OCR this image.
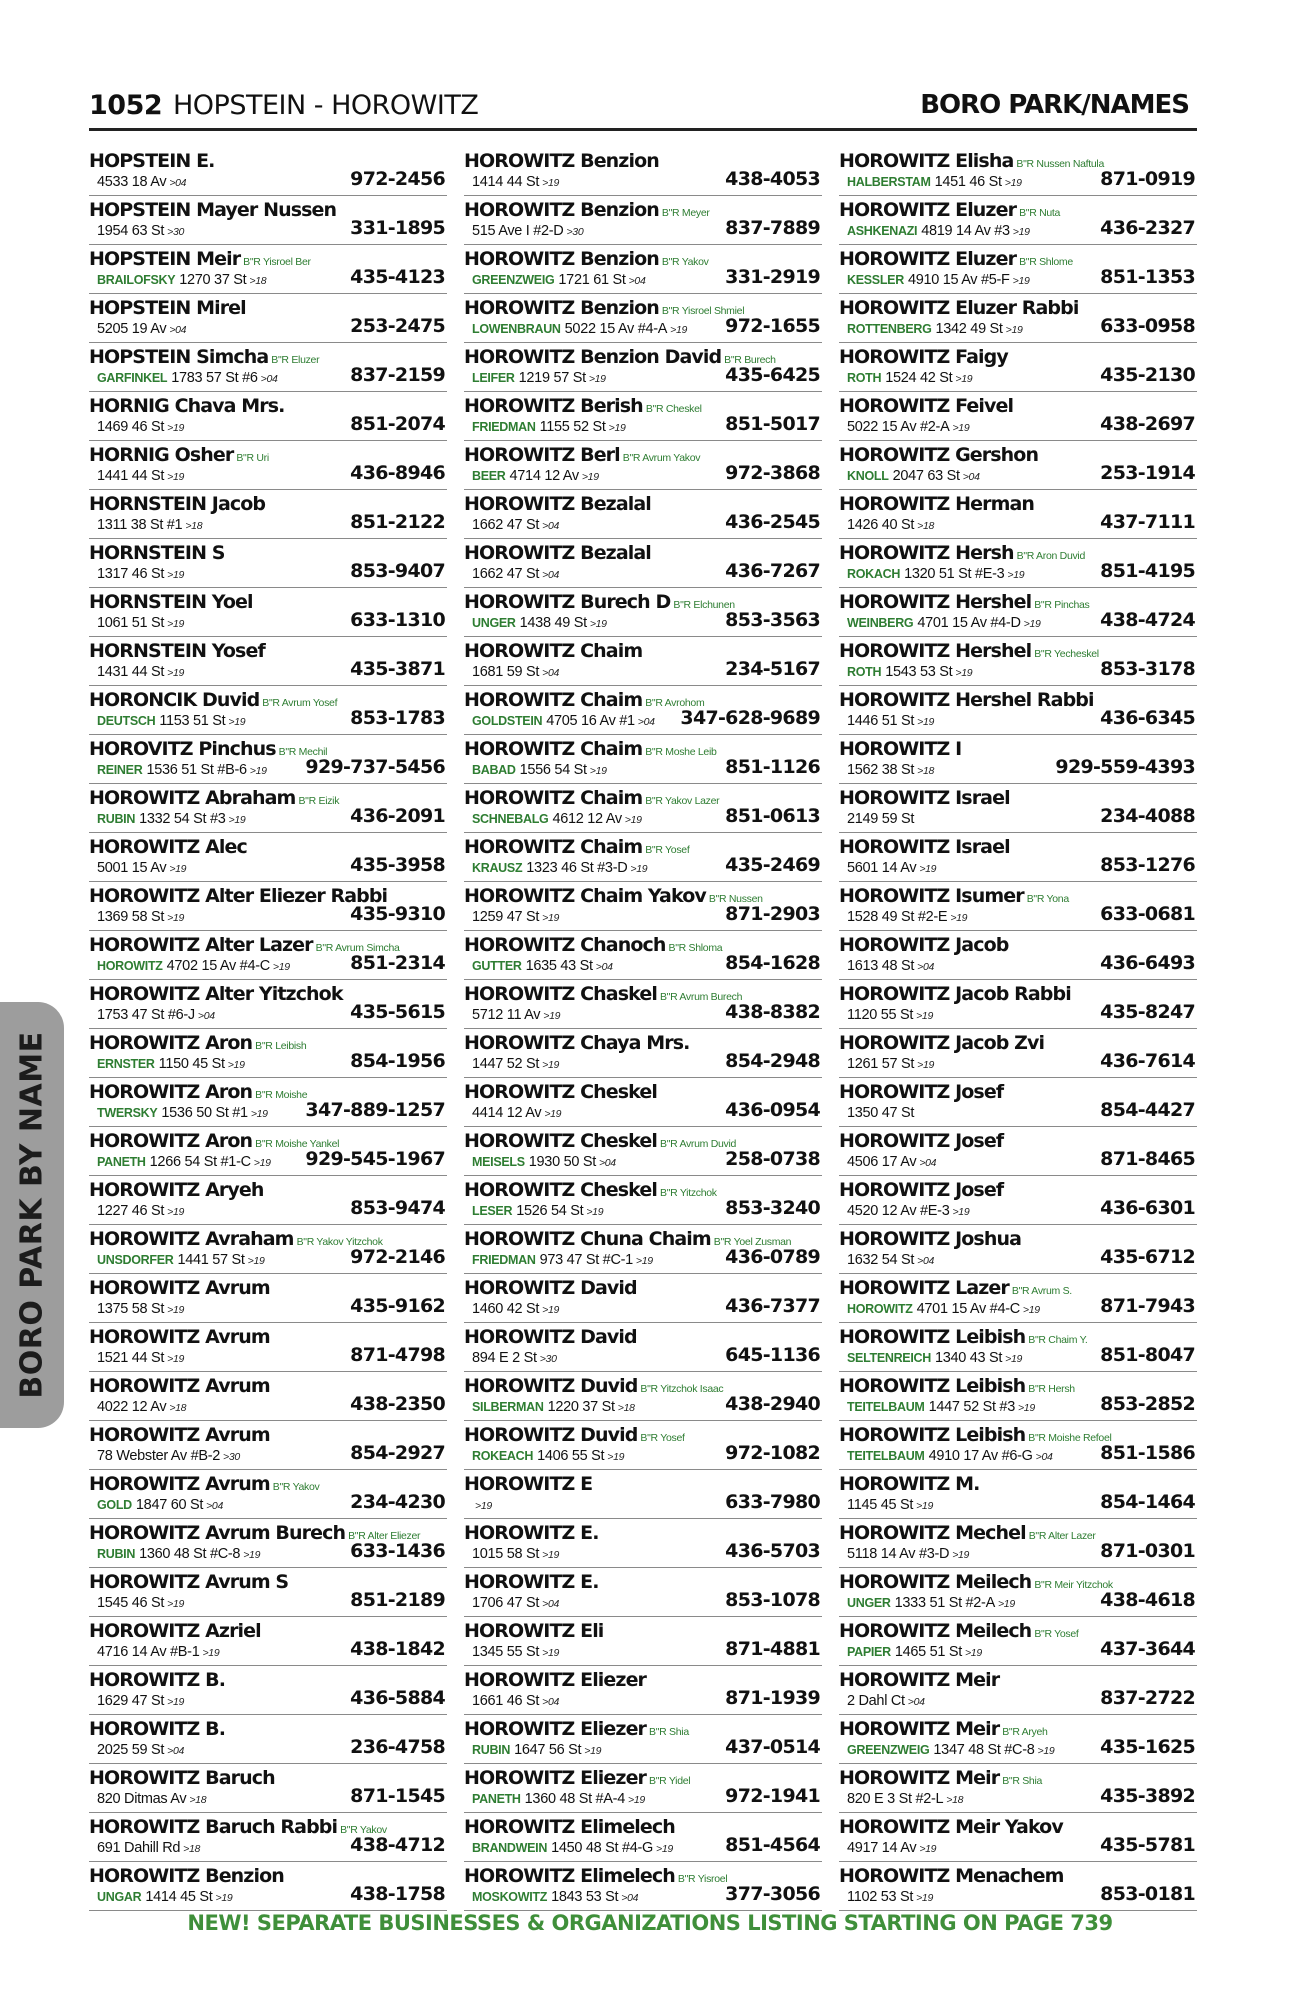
1052 HOPSTEIN - HOROWITZ	BORO PARK/NAMES
HOPSTEIN E.
4533 18 Av >04	972-2456
HOPSTEIN Mayer Nussen
1954 63 St >30	331-1895
HOPSTEIN Meir B"R Yisroel Ber
BRAILOFSKY 1270 37 St >18	435-4123
HOPSTEIN Mirel
5205 19 Av >04	253-2475
HOPSTEIN Simcha B"R Eluzer
GARFINKEL 1783 57 St #6 >04	837-2159
HORNIG Chava Mrs.
1469 46 St >19	851-2074
HORNIG Osher B"R Uri
1441 44 St >19	436-8946
HORNSTEIN Jacob
1311 38 St #1 >18	851-2122
HORNSTEIN S
1317 46 St >19	853-9407
HORNSTEIN Yoel
1061 51 St >19	633-1310
HORNSTEIN Yosef
1431 44 St >19	435-3871
HORONCIK Duvid B"R Avrum Yosef
DEUTSCH 1153 51 St >19	853-1783
HOROVITZ Pinchus B"R Mechil
REINER 1536 51 St #B-6 >19	929-737-5456
HOROWITZ Abraham B"R Eizik
RUBIN 1332 54 St #3 >19	436-2091
HOROWITZ Alec
5001 15 Av >19	435-3958
HOROWITZ Alter Eliezer Rabbi
1369 58 St >19	435-9310
HOROWITZ Alter Lazer B"R Avrum Simcha
HOROWITZ 4702 15 Av #4-C >19	851-2314
HOROWITZ Alter Yitzchok
1753 47 St #6-J >04	435-5615
HOROWITZ Aron B"R Leibish
ERNSTER 1150 45 St >19	854-1956
HOROWITZ Aron B"R Moishe
TWERSKY 1536 50 St #1 >19	347-889-1257
HOROWITZ Aron B"R Moishe Yankel
PANETH 1266 54 St #1-C >19	929-545-1967
HOROWITZ Aryeh
1227 46 St >19	853-9474
HOROWITZ Avraham B"R Yakov Yitzchok
UNSDORFER 1441 57 St >19	972-2146
HOROWITZ Avrum
1375 58 St >19	435-9162
HOROWITZ Avrum
1521 44 St >19	871-4798
HOROWITZ Avrum
4022 12 Av >18	438-2350
HOROWITZ Avrum
78 Webster Av #B-2 >30	854-2927
HOROWITZ Avrum B"R Yakov
GOLD 1847 60 St >04	234-4230
HOROWITZ Avrum Burech B"R Alter Eliezer
RUBIN 1360 48 St #C-8 >19	633-1436
HOROWITZ Avrum S
1545 46 St >19	851-2189
HOROWITZ Azriel
4716 14 Av #B-1 >19	438-1842
HOROWITZ B.
1629 47 St >19	436-5884
HOROWITZ B.
2025 59 St >04	236-4758
HOROWITZ Baruch
820 Ditmas Av >18	871-1545
HOROWITZ Baruch Rabbi B"R Yakov
691 Dahill Rd >18	438-4712
HOROWITZ Benzion
UNGAR 1414 45 St >19	438-1758
HOROWITZ Benzion
1414 44 St >19	438-4053
HOROWITZ Benzion B"R Meyer
515 Ave I #2-D >30	837-7889
HOROWITZ Benzion B"R Yakov
GREENZWEIG 1721 61 St >04	331-2919
HOROWITZ Benzion B"R Yisroel Shmiel
LOWENBRAUN 5022 15 Av #4-A >19	972-1655
HOROWITZ Benzion David B"R Burech
LEIFER 1219 57 St >19	435-6425
HOROWITZ Berish B"R Cheskel
FRIEDMAN 1155 52 St >19	851-5017
HOROWITZ Berl B"R Avrum Yakov
BEER 4714 12 Av >19	972-3868
HOROWITZ Bezalal
1662 47 St >04	436-2545
HOROWITZ Bezalal
1662 47 St >04	436-7267
HOROWITZ Burech D B"R Elchunen
UNGER 1438 49 St >19	853-3563
HOROWITZ Chaim
1681 59 St >04	234-5167
HOROWITZ Chaim B"R Avrohom
GOLDSTEIN 4705 16 Av #1 >04	347-628-9689
HOROWITZ Chaim B"R Moshe Leib
BABAD 1556 54 St >19	851-1126
HOROWITZ Chaim B"R Yakov Lazer
SCHNEBALG 4612 12 Av >19	851-0613
HOROWITZ Chaim B"R Yosef
KRAUSZ 1323 46 St #3-D >19	435-2469
HOROWITZ Chaim Yakov B"R Nussen
1259 47 St >19	871-2903
HOROWITZ Chanoch B"R Shloma
GUTTER 1635 43 St >04	854-1628
HOROWITZ Chaskel B"R Avrum Burech
5712 11 Av >19	438-8382
HOROWITZ Chaya Mrs.
1447 52 St >19	854-2948
HOROWITZ Cheskel
4414 12 Av >19	436-0954
HOROWITZ Cheskel B"R Avrum Duvid
MEISELS 1930 50 St >04	258-0738
HOROWITZ Cheskel B"R Yitzchok
LESER 1526 54 St >19	853-3240
HOROWITZ Chuna Chaim B"R Yoel Zusman
FRIEDMAN 973 47 St #C-1 >19	436-0789
HOROWITZ David
1460 42 St >19	436-7377
HOROWITZ David
894 E 2 St >30	645-1136
HOROWITZ Duvid B"R Yitzchok Isaac
SILBERMAN 1220 37 St >18	438-2940
HOROWITZ Duvid B"R Yosef
ROKEACH 1406 55 St >19	972-1082
HOROWITZ E
>19	633-7980
HOROWITZ E.
1015 58 St >19	436-5703
HOROWITZ E.
1706 47 St >04	853-1078
HOROWITZ Eli
1345 55 St >19	871-4881
HOROWITZ Eliezer
1661 46 St >04	871-1939
HOROWITZ Eliezer B"R Shia
RUBIN 1647 56 St >19	437-0514
HOROWITZ Eliezer B"R Yidel
PANETH 1360 48 St #A-4 >19	972-1941
HOROWITZ Elimelech
BRANDWEIN 1450 48 St #4-G >19	851-4564
HOROWITZ Elimelech B"R Yisroel
MOSKOWITZ 1843 53 St >04	377-3056
HOROWITZ Elisha B"R Nussen Naftula
HALBERSTAM 1451 46 St >19	871-0919
HOROWITZ Eluzer B"R Nuta
ASHKENAZI 4819 14 Av #3 >19	436-2327
HOROWITZ Eluzer B"R Shlome
KESSLER 4910 15 Av #5-F >19	851-1353
HOROWITZ Eluzer Rabbi
ROTTENBERG 1342 49 St >19	633-0958
HOROWITZ Faigy
ROTH 1524 42 St >19	435-2130
HOROWITZ Feivel
5022 15 Av #2-A >19	438-2697
HOROWITZ Gershon
KNOLL 2047 63 St >04	253-1914
HOROWITZ Herman
1426 40 St >18	437-7111
HOROWITZ Hersh B"R Aron Duvid
ROKACH 1320 51 St #E-3 >19	851-4195
HOROWITZ Hershel B"R Pinchas
WEINBERG 4701 15 Av #4-D >19	438-4724
HOROWITZ Hershel B"R Yecheskel
ROTH 1543 53 St >19	853-3178
HOROWITZ Hershel Rabbi
1446 51 St >19	436-6345
HOROWITZ I
1562 38 St >18	929-559-4393
HOROWITZ Israel
2149 59 St	234-4088
HOROWITZ Israel
5601 14 Av >19	853-1276
HOROWITZ Isumer B"R Yona
1528 49 St #2-E >19	633-0681
HOROWITZ Jacob
1613 48 St >04	436-6493
HOROWITZ Jacob Rabbi
1120 55 St >19	435-8247
HOROWITZ Jacob Zvi
1261 57 St >19	436-7614
HOROWITZ Josef
1350 47 St	854-4427
HOROWITZ Josef
4506 17 Av >04	871-8465
HOROWITZ Josef
4520 12 Av #E-3 >19	436-6301
HOROWITZ Joshua
1632 54 St >04	435-6712
HOROWITZ Lazer B"R Avrum S.
HOROWITZ 4701 15 Av #4-C >19	871-7943
HOROWITZ Leibish B"R Chaim Y.
SELTENREICH 1340 43 St >19	851-8047
HOROWITZ Leibish B"R Hersh
TEITELBAUM 1447 52 St #3 >19	853-2852
HOROWITZ Leibish B"R Moishe Refoel
TEITELBAUM 4910 17 Av #6-G >04	851-1586
HOROWITZ M.
1145 45 St >19	854-1464
HOROWITZ Mechel B"R Alter Lazer
5118 14 Av #3-D >19	871-0301
HOROWITZ Meilech B"R Meir Yitzchok
UNGER 1333 51 St #2-A >19	438-4618
HOROWITZ Meilech B"R Yosef
PAPIER 1465 51 St >19	437-3644
HOROWITZ Meir
2 Dahl Ct >04	837-2722
HOROWITZ Meir B"R Aryeh
GREENZWEIG 1347 48 St #C-8 >19	435-1625
HOROWITZ Meir B"R Shia
820 E 3 St #2-L >18	435-3892
HOROWITZ Meir Yakov
4917 14 Av >19	435-5781
HOROWITZ Menachem
1102 53 St >19	853-0181
BORO PARK BY NAME
NEW! SEPARATE BUSINESSES & ORGANIZATIONS LISTING STARTING ON PAGE 739
